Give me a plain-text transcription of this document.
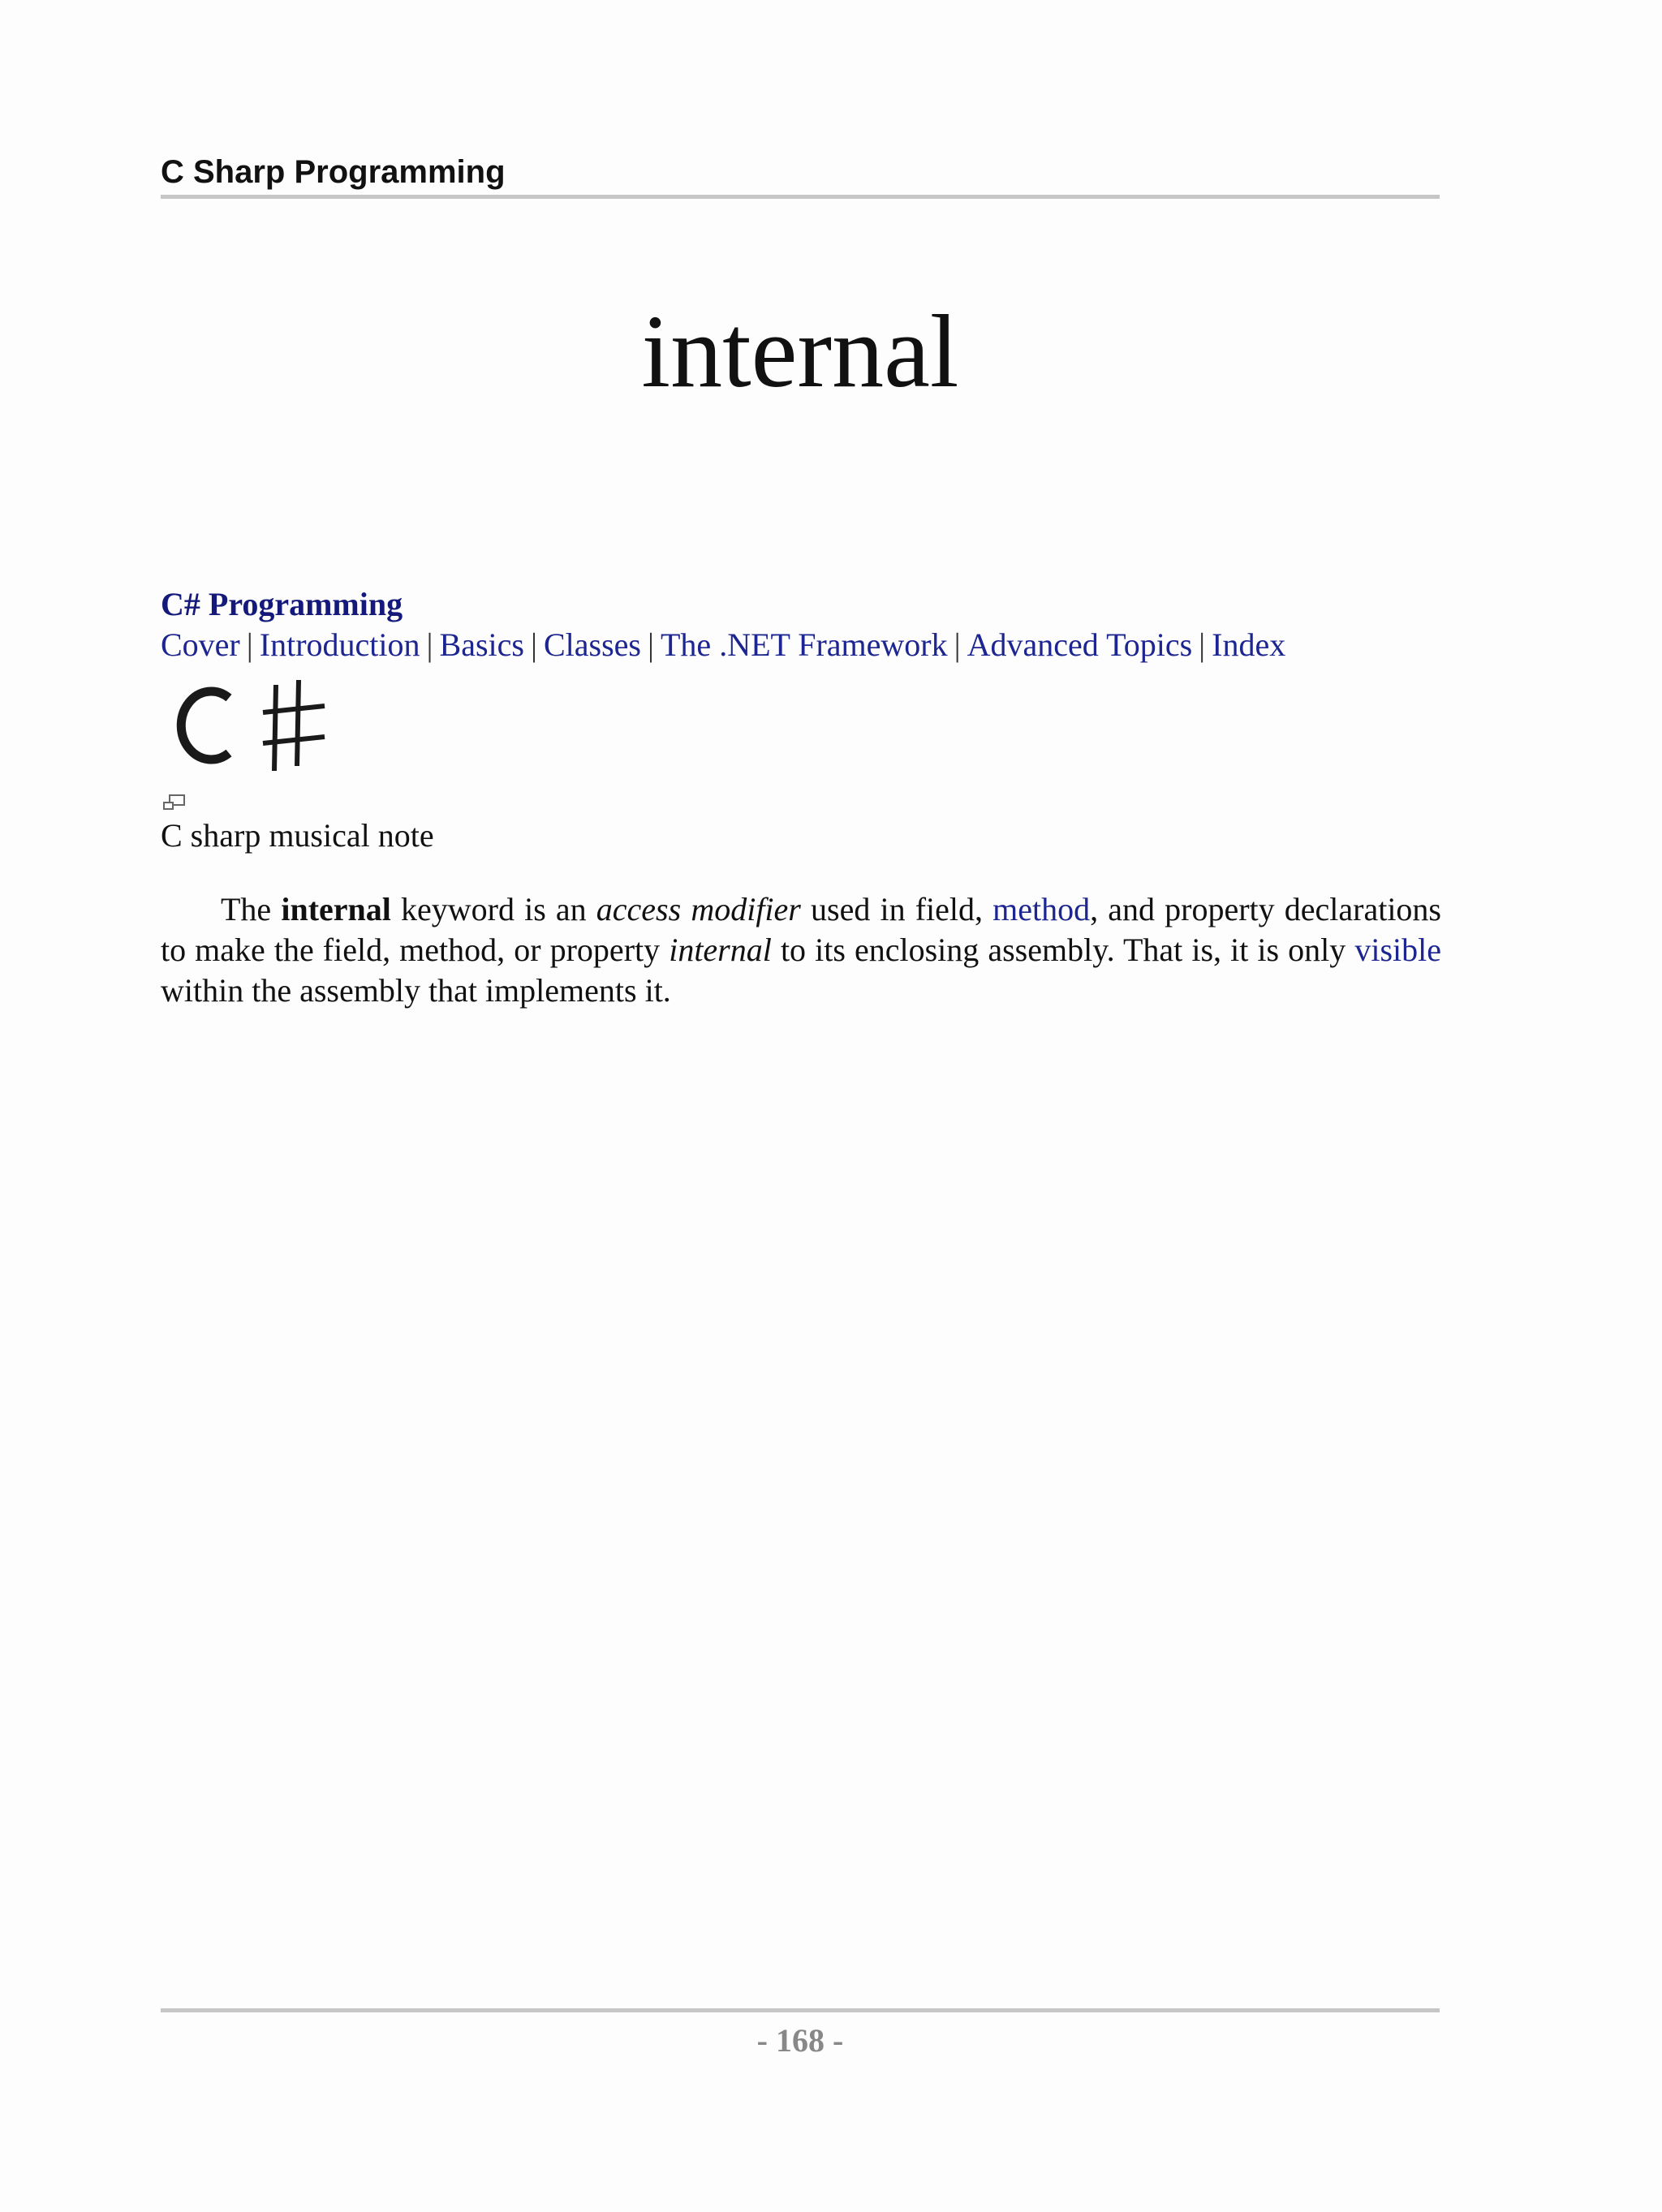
C Sharp Programming
internal
C# Programming
Cover | Introduction | Basics | Classes | The .NET Framework | Advanced Topics | Index
C sharp musical note

The internal keyword is an access modifier used in field, method, and property declarations to make the field, method, or property internal to its enclosing assembly. That is, it is only visible within the assembly that implements it.

- 168 -
